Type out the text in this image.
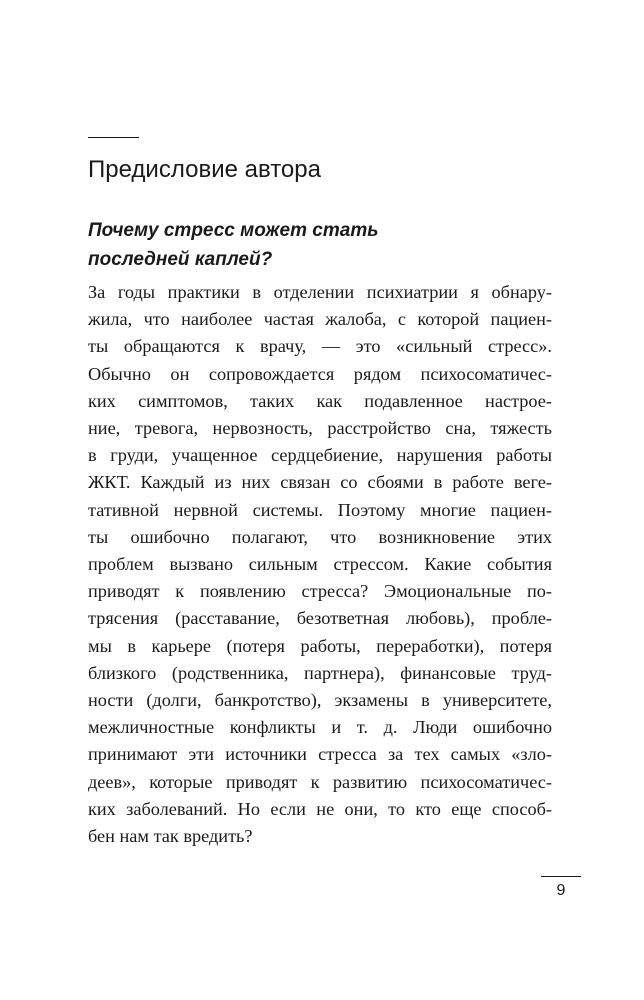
Предисловие автора
Почему стресс может стать
последней каплей?
За годы практики в отделении психиатрии я обнару-
жила, что наиболее частая жалоба, с которой пациен-
ты обращаются к врачу, — это «сильный стресс».
Обычно он сопровождается рядом психосоматичес-
ких симптомов, таких как подавленное настрое-
ние, тревога, нервозность, расстройство сна, тяжесть
в груди, учащенное сердцебиение, нарушения работы
ЖКТ. Каждый из них связан со сбоями в работе веге-
тативной нервной системы. Поэтому многие пациен-
ты ошибочно полагают, что возникновение этих
проблем вызвано сильным стрессом. Какие события
приводят к появлению стресса? Эмоциональные по-
трясения (расставание, безответная любовь), пробле-
мы в карьере (потеря работы, переработки), потеря
близкого (родственника, партнера), финансовые труд-
ности (долги, банкротство), экзамены в университете,
межличностные конфликты и т. д. Люди ошибочно
принимают эти источники стресса за тех самых «зло-
деев», которые приводят к развитию психосоматичес-
ких заболеваний. Но если не они, то кто еще способ-
бен нам так вредить?
9
